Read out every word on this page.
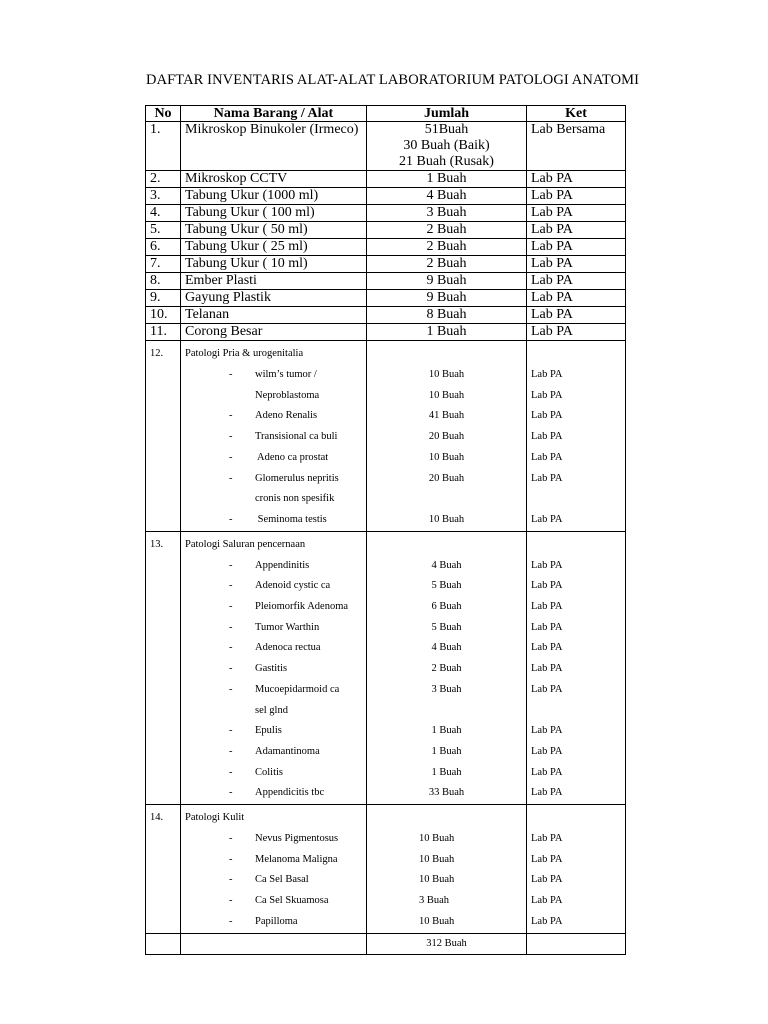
DAFTAR INVENTARIS ALAT-ALAT LABORATORIUM PATOLOGI ANATOMI
No	Nama Barang / Alat	Jumlah	Ket
1.	Mikroskop Binukoler (Irmeco)	51Buah
30 Buah (Baik)
21 Buah (Rusak)	Lab Bersama
2.	Mikroskop CCTV	1 Buah	Lab PA
3.	Tabung Ukur (1000 ml)	4 Buah	Lab PA
4.	Tabung Ukur ( 100 ml)	3 Buah	Lab PA
5.	Tabung Ukur ( 50 ml)	2 Buah	Lab PA
6.	Tabung Ukur ( 25 ml)	2 Buah	Lab PA
7.	Tabung Ukur ( 10 ml)	2 Buah	Lab PA
8.	Ember Plasti	9 Buah	Lab PA
9.	Gayung Plastik	9 Buah	Lab PA
10.	Telanan	8 Buah	Lab PA
11.	Corong Besar	1 Buah	Lab PA
12.	Patologi Pria & urogenitalia		
	- wilm’s tumor /	10 Buah	Lab PA
	Neproblastoma	10 Buah	Lab PA
	- Adeno Renalis	41 Buah	Lab PA
	- Transisional ca buli	20 Buah	Lab PA
	- Adeno ca prostat	10 Buah	Lab PA
	- Glomerulus nepritis	20 Buah	Lab PA
	cronis non spesifik		
	- Seminoma testis	10 Buah	Lab PA
13.	Patologi Saluran pencernaan		
	- Appendinitis	4 Buah	Lab PA
	- Adenoid cystic ca	5 Buah	Lab PA
	- Pleiomorfik Adenoma	6 Buah	Lab PA
	- Tumor Warthin	5 Buah	Lab PA
	- Adenoca rectua	4 Buah	Lab PA
	- Gastitis	2 Buah	Lab PA
	- Mucoepidarmoid ca	3 Buah	Lab PA
	sel glnd		
	- Epulis	1 Buah	Lab PA
	- Adamantinoma	1 Buah	Lab PA
	- Colitis	1 Buah	Lab PA
	- Appendicitis tbc	33 Buah	Lab PA
14.	Patologi Kulit		
	- Nevus Pigmentosus	10 Buah	Lab PA
	- Melanoma Maligna	10 Buah	Lab PA
	- Ca Sel Basal	10 Buah	Lab PA
	- Ca Sel Skuamosa	3 Buah	Lab PA
	- Papilloma	10 Buah	Lab PA
		312 Buah	
